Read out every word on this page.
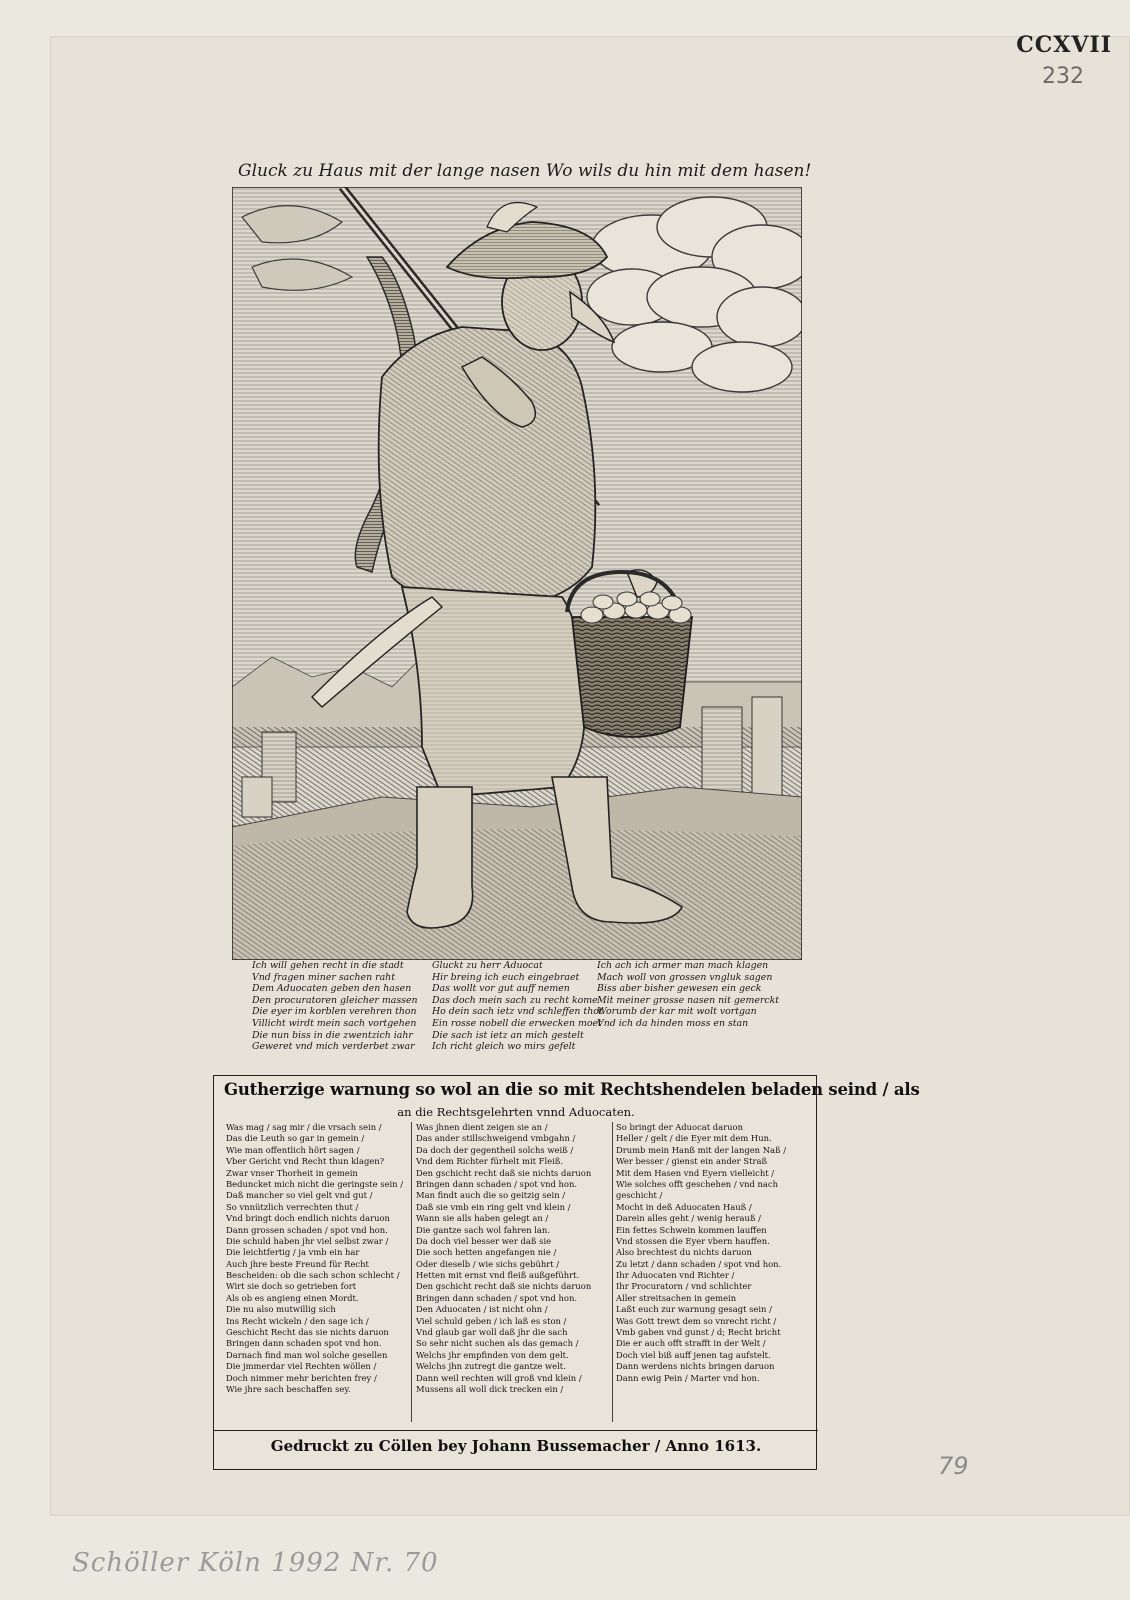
CCXVII
232
Gluck zu Haus mit der lange nasen Wo wils du hin mit dem hasen!
Ich will gehen recht in die stadt
Vnd fragen miner sachen raht
Dem Aduocaten geben den hasen
Den procuratoren gleicher massen
Die eyer im korblen verehren thon
Villicht wirdt mein sach vortgehen
Die nun biss in die zwentzich iahr
Geweret vnd mich verderbet zwar
Gluckt zu herr Aduocat
Hir breing ich euch eingebraet
Das wollt vor gut auff nemen
Das doch mein sach zu recht kome
Ho dein sach ietz vnd schleffen thot
Ein rosse nobell die erwecken moet
Die sach ist ietz an mich gestelt
Ich richt gleich wo mirs gefelt
Ich ach ich armer man mach klagen
Mach woll von grossen vngluk sagen
Biss aber bisher gewesen ein geck
Mit meiner grosse nasen nit gemerckt
Worumb der kar mit wolt vortgan
Vnd ich da hinden moss en stan
Gutherzige warnung so wol an die so mit Rechtshendelen beladen seind / als
an die Rechtsgelehrten vnnd Aduocaten.
Was mag / sag mir / die vrsach sein /
Das die Leuth so gar in gemein /
Wie man offentlich hört sagen /
Vber Gericht vnd Recht thun klagen?
Zwar vnser Thorheit in gemein
Beduncket mich nicht die geringste sein /
Daß mancher so viel gelt vnd gut /
So vnnützlich verrechten thut /
Vnd bringt doch endlich nichts daruon
Dann grossen schaden / spot vnd hon.
Die schuld haben jhr viel selbst zwar /
Die leichtfertig / ja vmb ein har
Auch jhre beste Freund für Recht
Bescheiden: ob die sach schon schlecht /
Wirt sie doch so getrieben fort
Als ob es angieng einen Mordt.
Die nu also mutwillig sich
Ins Recht wickeln / den sage ich /
Geschicht Recht das sie nichts daruon
Bringen dann schaden spot vnd hon.
Darnach find man wol solche gesellen
Die jmmerdar viel Rechten wöllen /
Doch nimmer mehr berichten frey /
Wie jhre sach beschaffen sey.
Was jhnen dient zeigen sie an /
Das ander stillschweigend vmbgahn /
Da doch der gegentheil solchs weiß /
Vnd dem Richter fürhelt mit Fleiß.
Den gschicht recht daß sie nichts daruon
Bringen dann schaden / spot vnd hon.
Man findt auch die so geitzig sein /
Daß sie vmb ein ring gelt vnd klein /
Wann sie alls haben gelegt an /
Die gantze sach wol fahren lan.
Da doch viel besser wer daß sie
Die soch hetten angefangen nie /
Oder dieselb / wie sichs gebührt /
Hetten mit ernst vnd fleiß außgeführt.
Den gschicht recht daß sie nichts daruon
Bringen dann schaden / spot vnd hon.
Den Aduocaten / ist nicht ohn /
Viel schuld geben / ich laß es ston /
Vnd glaub gar woll daß jhr die sach
So sehr nicht suchen als das gemach /
Welchs jhr empfinden von dem gelt.
Welchs jhn zutregt die gantze welt.
Dann weil rechten will groß vnd klein /
Mussens all woll dick trecken ein /
So bringt der Aduocat daruon
Heller / gelt / die Eyer mit dem Hun.
Drumb mein Hanß mit der langen Naß /
Wer besser / gienst ein ander Straß
Mit dem Hasen vnd Eyern vielleicht /
Wie solches offt geschehen / vnd nach
geschicht /
Mocht in deß Aduocaten Hauß /
Darein alles geht / wenig herauß /
Ein fettes Schwein kommen lauffen
Vnd stossen die Eyer vbern hauffen.
Also brechtest du nichts daruon
Zu letzt / dann schaden / spot vnd hon.
Ihr Aduocaten vnd Richter /
Ihr Procuratorn / vnd schlichter
Aller streitsachen in gemein
Laßt euch zur warnung gesagt sein /
Was Gott trewt dem so vnrecht richt /
Vmb gaben vnd gunst / d; Recht bricht
Die er auch offt strafft in der Welt /
Doch viel biß auff jenen tag aufstelt.
Dann werdens nichts bringen daruon
Dann ewig Pein / Marter vnd hon.
Gedruckt zu Cöllen bey Johann Bussemacher / Anno 1613.
79
Schöller Köln 1992 Nr. 70
